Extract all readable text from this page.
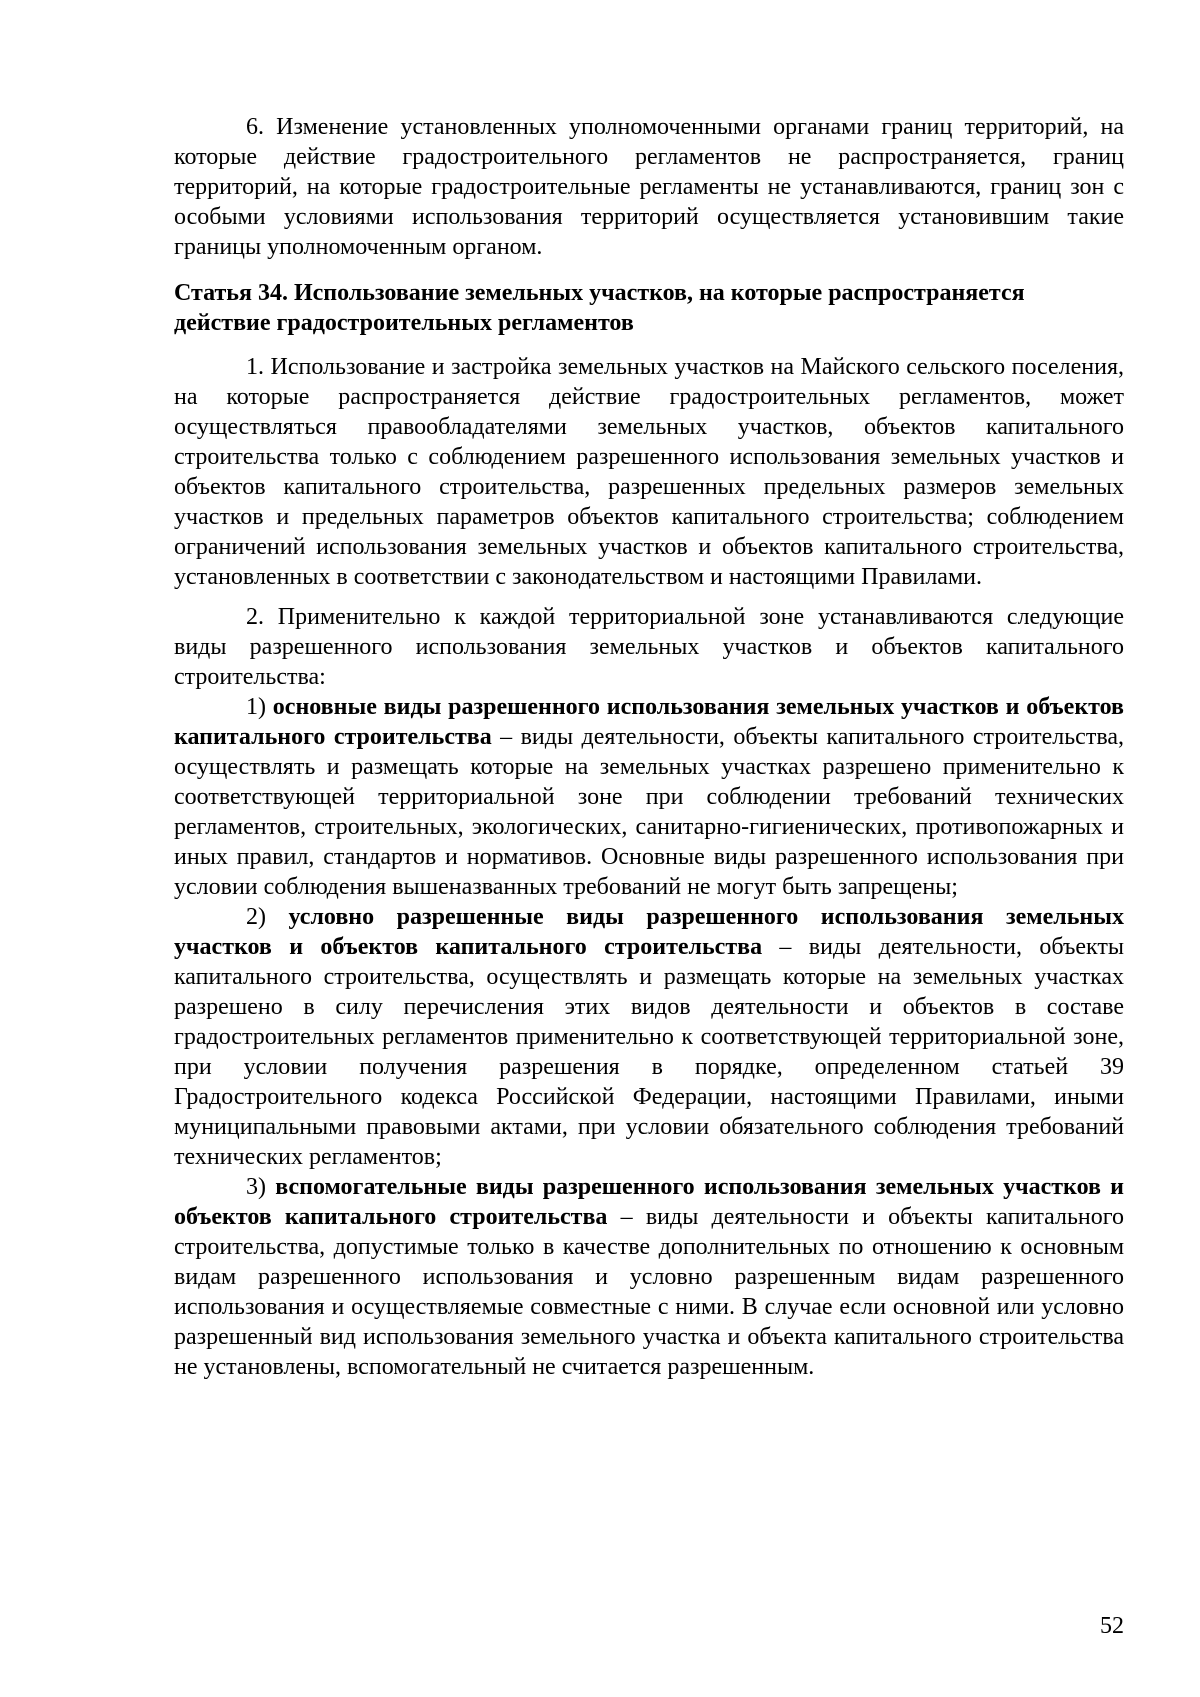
6. Изменение установленных уполномоченными органами границ территорий, на которые действие градостроительного регламентов не распространяется, границ территорий, на которые градостроительные регламенты не устанавливаются, границ зон с особыми условиями использования территорий осуществляется установившим такие границы уполномоченным органом.

Статья 34. Использование земельных участков, на которые распространяется действие градостроительных регламентов

1. Использование и застройка земельных участков на Майского сельского поселения, на которые распространяется действие градостроительных регламентов, может осуществляться правообладателями земельных участков, объектов капитального строительства только с соблюдением разрешенного использования земельных участков и объектов капитального строительства, разрешенных предельных размеров земельных участков и предельных параметров объектов капитального строительства; соблюдением ограничений использования земельных участков и объектов капитального строительства, установленных в соответствии с законодательством и настоящими Правилами.

2. Применительно к каждой территориальной зоне устанавливаются следующие виды разрешенного использования земельных участков и объектов капитального строительства:

1) основные виды разрешенного использования земельных участков и объектов капитального строительства – виды деятельности, объекты капитального строительства, осуществлять и размещать которые на земельных участках разрешено применительно к соответствующей территориальной зоне при соблюдении требований технических регламентов, строительных, экологических, санитарно-гигиенических, противопожарных и иных правил, стандартов и нормативов. Основные виды разрешенного использования при условии соблюдения вышеназванных требований не могут быть запрещены;

2) условно разрешенные виды разрешенного использования земельных участков и объектов капитального строительства – виды деятельности, объекты капитального строительства, осуществлять и размещать которые на земельных участках разрешено в силу перечисления этих видов деятельности и объектов в составе градостроительных регламентов применительно к соответствующей территориальной зоне, при условии получения разрешения в порядке, определенном статьей 39 Градостроительного кодекса Российской Федерации, настоящими Правилами, иными муниципальными правовыми актами, при условии обязательного соблюдения требований технических регламентов;

3) вспомогательные виды разрешенного использования земельных участков и объектов капитального строительства – виды деятельности и объекты капитального строительства, допустимые только в качестве дополнительных по отношению к основным видам разрешенного использования и условно разрешенным видам разрешенного использования и осуществляемые совместные с ними. В случае если основной или условно разрешенный вид использования земельного участка и объекта капитального строительства не установлены, вспомогательный не считается разрешенным.

52
